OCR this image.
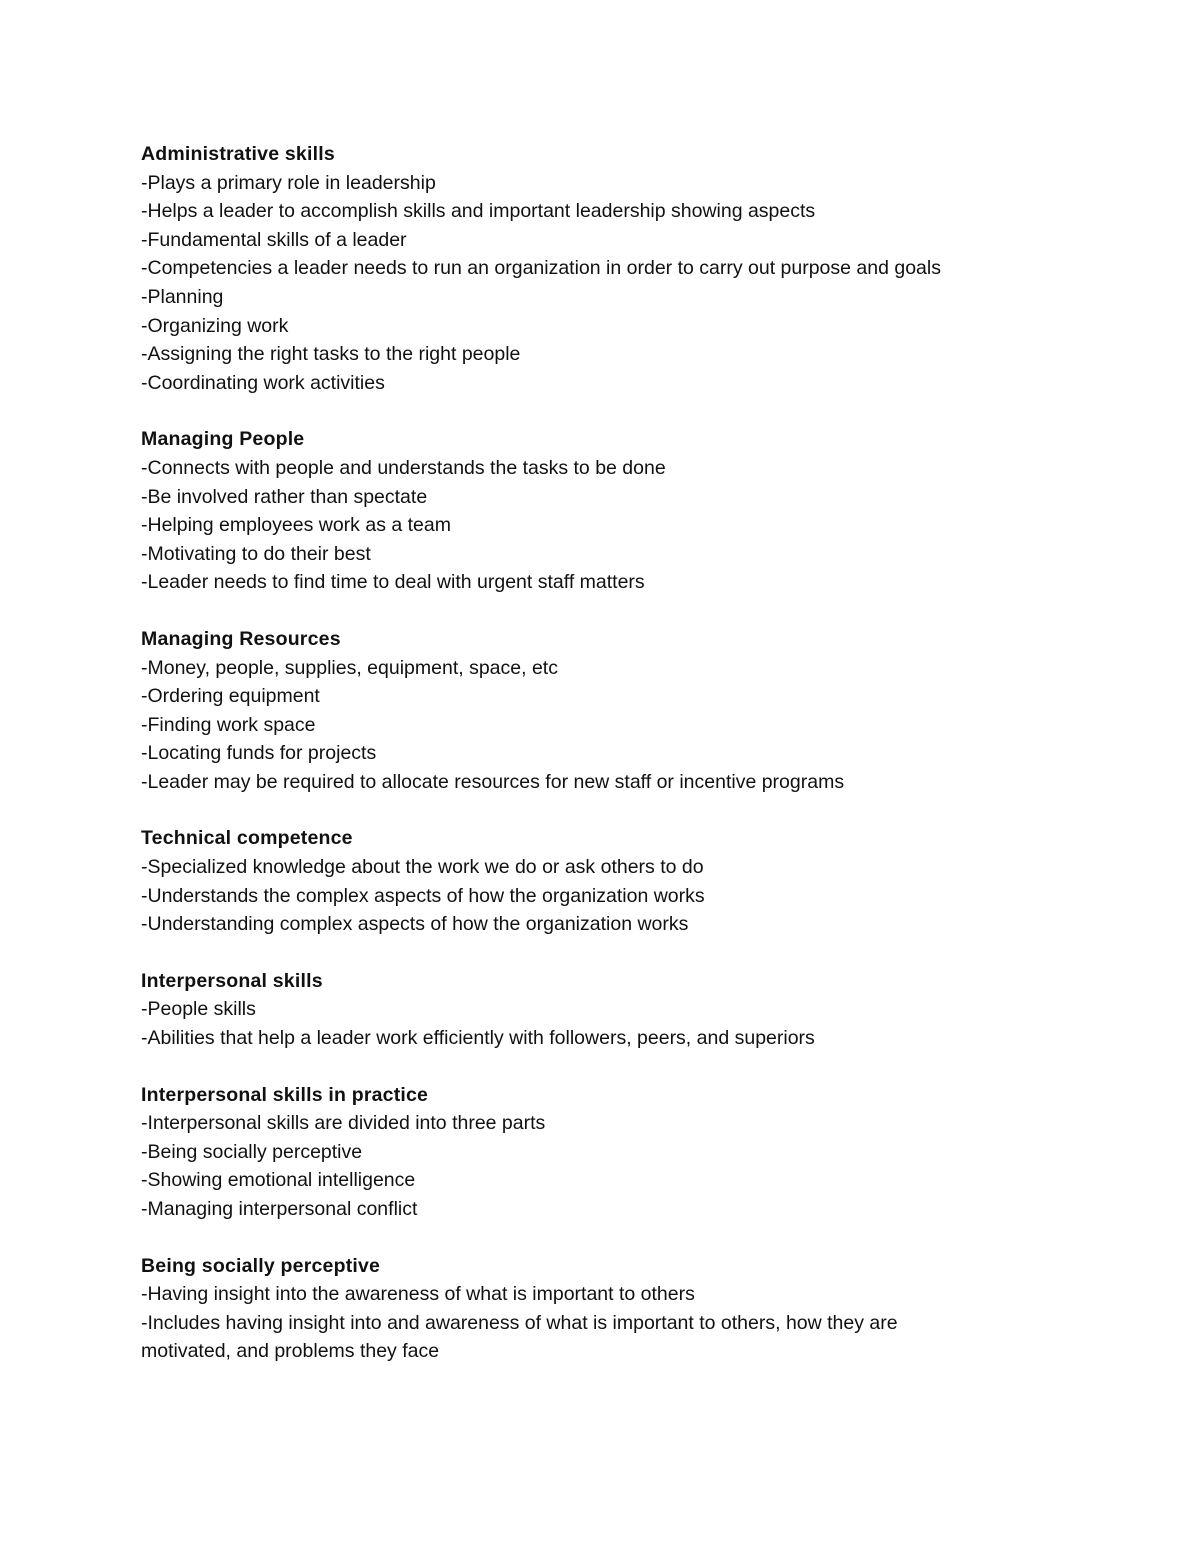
Administrative skills

-Plays a primary role in leadership

-Helps a leader to accomplish skills and important leadership showing aspects

-Fundamental skills of a leader

-Competencies a leader needs to run an organization in order to carry out purpose and goals

-Planning

-Organizing work

-Assigning the right tasks to the right people

-Coordinating work activities

Managing People

-Connects with people and understands the tasks to be done

-Be involved rather than spectate

-Helping employees work as a team

-Motivating to do their best

-Leader needs to find time to deal with urgent staff matters

Managing Resources

-Money, people, supplies, equipment, space, etc

-Ordering equipment

-Finding work space

-Locating funds for projects

-Leader may be required to allocate resources for new staff or incentive programs

Technical competence

-Specialized knowledge about the work we do or ask others to do

-Understands the complex aspects of how the organization works

-Understanding complex aspects of how the organization works

Interpersonal skills

-People skills

-Abilities that help a leader work efficiently with followers, peers, and superiors

Interpersonal skills in practice

-Interpersonal skills are divided into three parts

-Being socially perceptive

-Showing emotional intelligence

-Managing interpersonal conflict

Being socially perceptive

-Having insight into the awareness of what is important to others

-Includes having insight into and awareness of what is important to others, how they are

motivated, and problems they face
